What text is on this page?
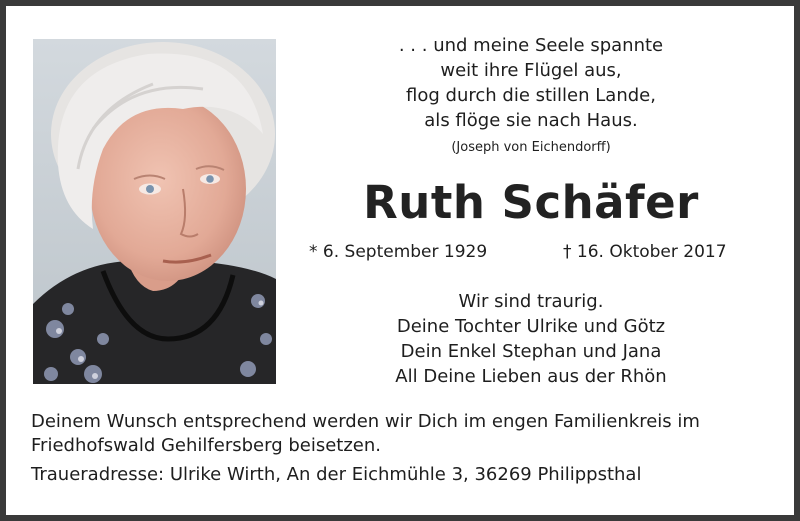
. . . und meine Seele spannte
weit ihre Flügel aus,
flog durch die stillen Lande,
als flöge sie nach Haus.
(Joseph von Eichendorff)
Ruth Schäfer
* 6. September 1929	† 16. Oktober 2017
Wir sind traurig.
Deine Tochter Ulrike und Götz
Dein Enkel Stephan und Jana
All Deine Lieben aus der Rhön
Deinem Wunsch entsprechend werden wir Dich im engen Familienkreis im Friedhofswald Gehilfersberg beisetzen.
Traueradresse: Ulrike Wirth, An der Eichmühle 3, 36269 Philippsthal
